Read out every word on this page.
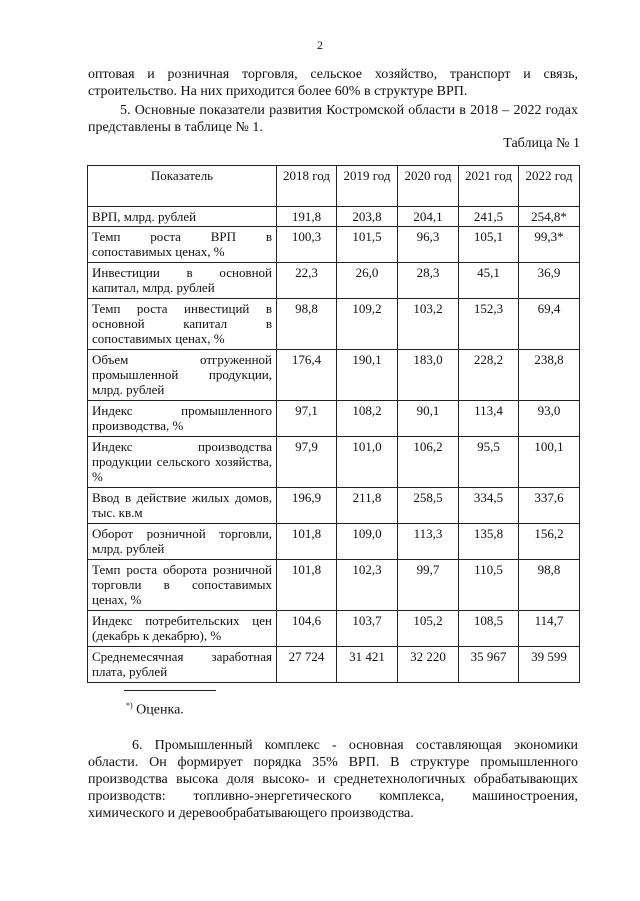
2
оптовая и розничная торговля, сельское хозяйство, транспорт и связь, строительство. На них приходится более 60% в структуре ВРП.
5. Основные показатели развития Костромской области в 2018 – 2022 годах представлены в таблице № 1.
Таблица № 1
Показатель	2018 год	2019 год	2020 год	2021 год	2022 год
ВРП, млрд. рублей	191,8	203,8	204,1	241,5	254,8*
Темп роста ВРП в сопоставимых ценах, %	100,3	101,5	96,3	105,1	99,3*
Инвестиции в основной капитал, млрд. рублей	22,3	26,0	28,3	45,1	36,9
Темп роста инвестиций в основной капитал в сопоставимых ценах, %	98,8	109,2	103,2	152,3	69,4
Объем отгруженной промышленной продукции, млрд. рублей	176,4	190,1	183,0	228,2	238,8
Индекс промышленного производства, %	97,1	108,2	90,1	113,4	93,0
Индекс производства продукции сельского хозяйства, %	97,9	101,0	106,2	95,5	100,1
Ввод в действие жилых домов, тыс. кв.м	196,9	211,8	258,5	334,5	337,6
Оборот розничной торговли, млрд. рублей	101,8	109,0	113,3	135,8	156,2
Темп роста оборота розничной торговли в сопоставимых ценах, %	101,8	102,3	99,7	110,5	98,8
Индекс потребительских цен (декабрь к декабрю), %	104,6	103,7	105,2	108,5	114,7
Среднемесячная заработная плата, рублей	27 724	31 421	32 220	35 967	39 599
*) Оценка.
6. Промышленный комплекс - основная составляющая экономики области. Он формирует порядка 35% ВРП. В структуре промышленного производства высока доля высоко- и среднетехнологичных обрабатывающих производств: топливно-энергетического комплекса, машиностроения, химического и деревообрабатывающего производства.
